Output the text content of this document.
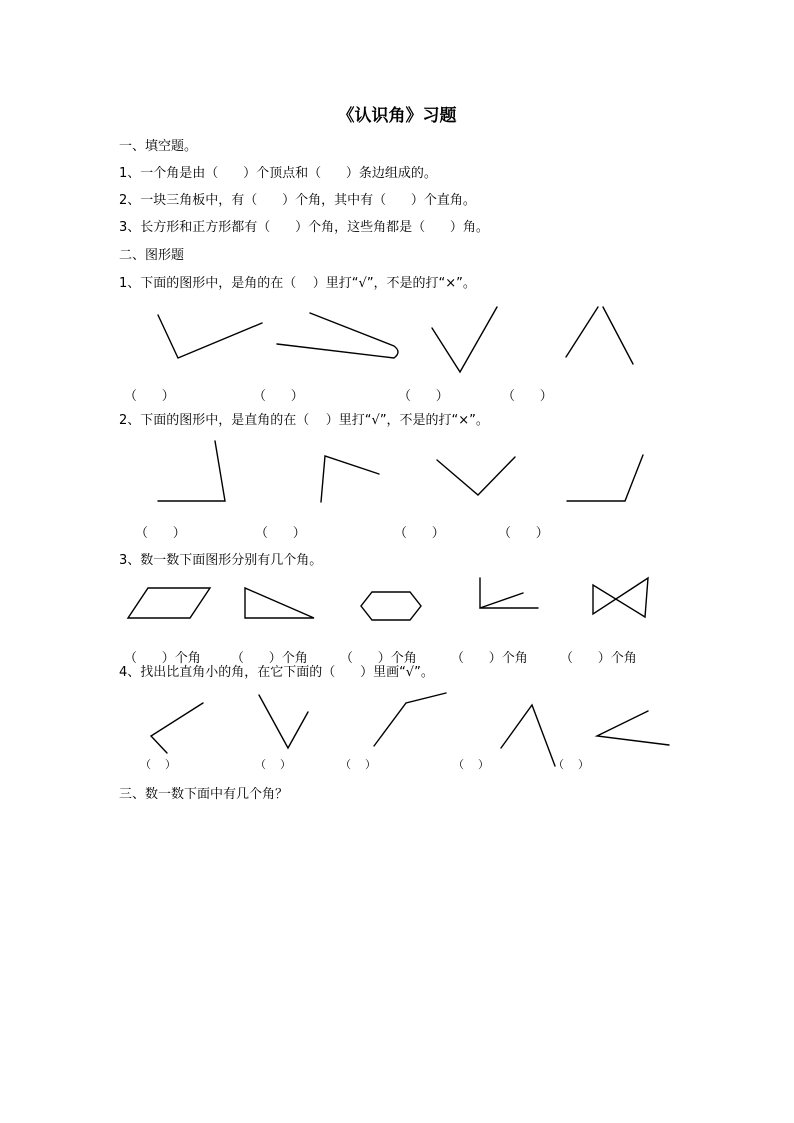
《认识角》习题
一、填空题。
1、一个角是由（      ）个顶点和（      ）条边组成的。
2、一块三角板中，有（      ）个角，其中有（      ）个直角。
3、长方形和正方形都有（      ）个角，这些角都是（      ）角。
二、图形题
1、下面的图形中，是角的在（    ）里打“√”，不是的打“×”。
（      ）	（      ）	（      ）	（      ）
2、下面的图形中，是直角的在（    ）里打“√”，不是的打“×”。
（      ）	（      ）	（      ）	（      ）
3、数一数下面图形分别有几个角。
（      ）个角 （      ）个角 （      ）个角	（      ）个角 （      ）个角
4、找出比直角小的角，在它下面的（      ）里画“√”。
（    ）	（    ）	（    ）	（    ）	（    ）
三、数一数下面中有几个角？
